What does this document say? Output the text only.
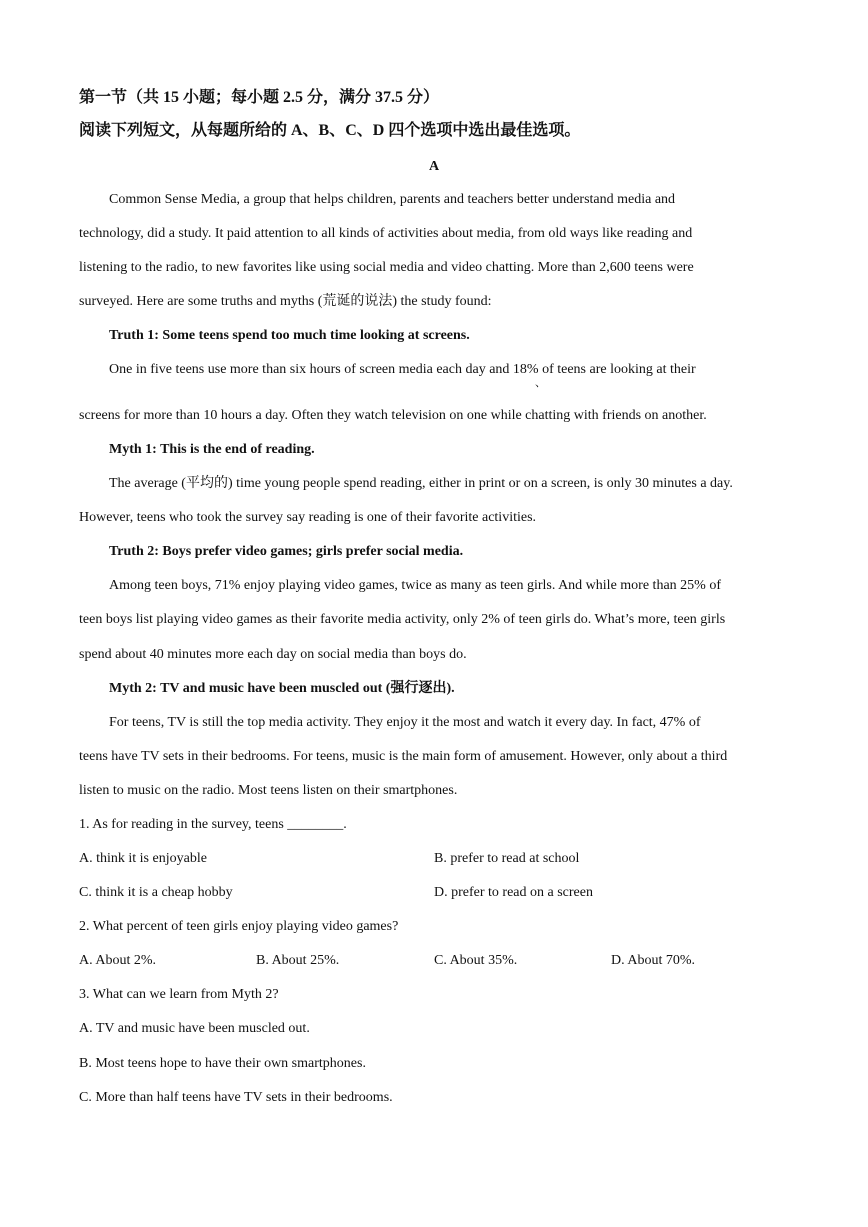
第一节（共 15 小题；每小题 2.5 分，满分 37.5 分）
阅读下列短文，从每题所给的 A、B、C、D 四个选项中选出最佳选项。
A
Common Sense Media, a group that helps children, parents and teachers better understand media and
technology, did a study. It paid attention to all kinds of activities about media, from old ways like reading and
listening to the radio, to new favorites like using social media and video chatting. More than 2,600 teens were
surveyed. Here are some truths and myths (荒诞的说法) the study found:
Truth 1: Some teens spend too much time looking at screens.
One in five teens use more than six hours of screen media each day and 18% of teens are looking at their
、
screens for more than 10 hours a day. Often they watch television on one while chatting with friends on another.
Myth 1: This is the end of reading.
The average (平均的) time young people spend reading, either in print or on a screen, is only 30 minutes a day.
However, teens who took the survey say reading is one of their favorite activities.
Truth 2: Boys prefer video games; girls prefer social media.
Among teen boys, 71% enjoy playing video games, twice as many as teen girls. And while more than 25% of
teen boys list playing video games as their favorite media activity, only 2% of teen girls do. What’s more, teen girls
spend about 40 minutes more each day on social media than boys do.
Myth 2: TV and music have been muscled out (强行逐出).
For teens, TV is still the top media activity. They enjoy it the most and watch it every day. In fact, 47% of
teens have TV sets in their bedrooms. For teens, music is the main form of amusement. However, only about a third
listen to music on the radio. Most teens listen on their smartphones.
1. As for reading in the survey, teens ________.
A. think it is enjoyable	B. prefer to read at school
C. think it is a cheap hobby	D. prefer to read on a screen
2. What percent of teen girls enjoy playing video games?
A. About 2%.	B. About 25%.	C. About 35%.	D. About 70%.
3. What can we learn from Myth 2?
A. TV and music have been muscled out.
B. Most teens hope to have their own smartphones.
C. More than half teens have TV sets in their bedrooms.
